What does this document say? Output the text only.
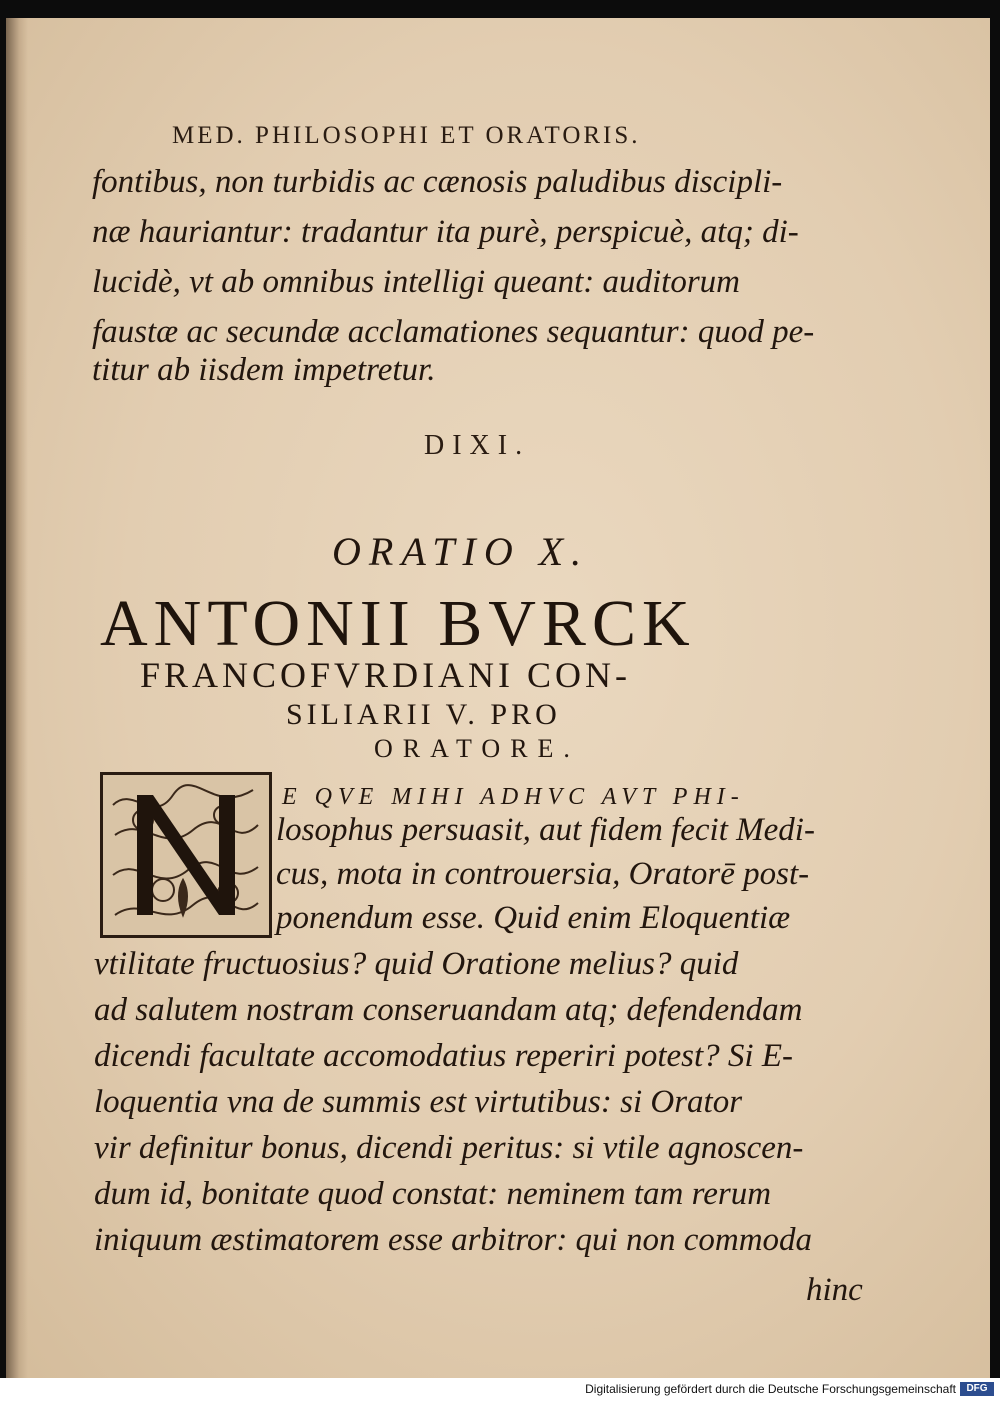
MED. PHILOSOPHI ET ORATORIS.
fontibus, non turbidis ac cænosis paludibus discipli-
næ hauriantur: tradantur ita purè, perspicuè, atq; di-
lucidè, vt ab omnibus intelligi queant: auditorum
faustæ ac secundæ acclamationes sequantur: quod pe-
titur ab iisdem impetretur.
DIXI.
ORATIO X.
ANTONII BVRCK
FRANCOFVRDIANI CON-
SILIARII V. PRO
ORATORE.
E QVE MIHI ADHVC AVT PHI-
losophus persuasit, aut fidem fecit Medi-
cus, mota in controuersia, Oratorē post-
ponendum esse. Quid enim Eloquentiæ
vtilitate fructuosius? quid Oratione melius? quid
ad salutem nostram conseruandam atq; defendendam
dicendi facultate accomodatius reperiri potest? Si E-
loquentia vna de summis est virtutibus: si Orator
vir definitur bonus, dicendi peritus: si vtile agnoscen-
dum id, bonitate quod constat: neminem tam rerum
iniquum æstimatorem esse arbitror: qui non commoda
hinc
Digitalisierung gefördert durch die Deutsche Forschungsgemeinschaft	DFG
